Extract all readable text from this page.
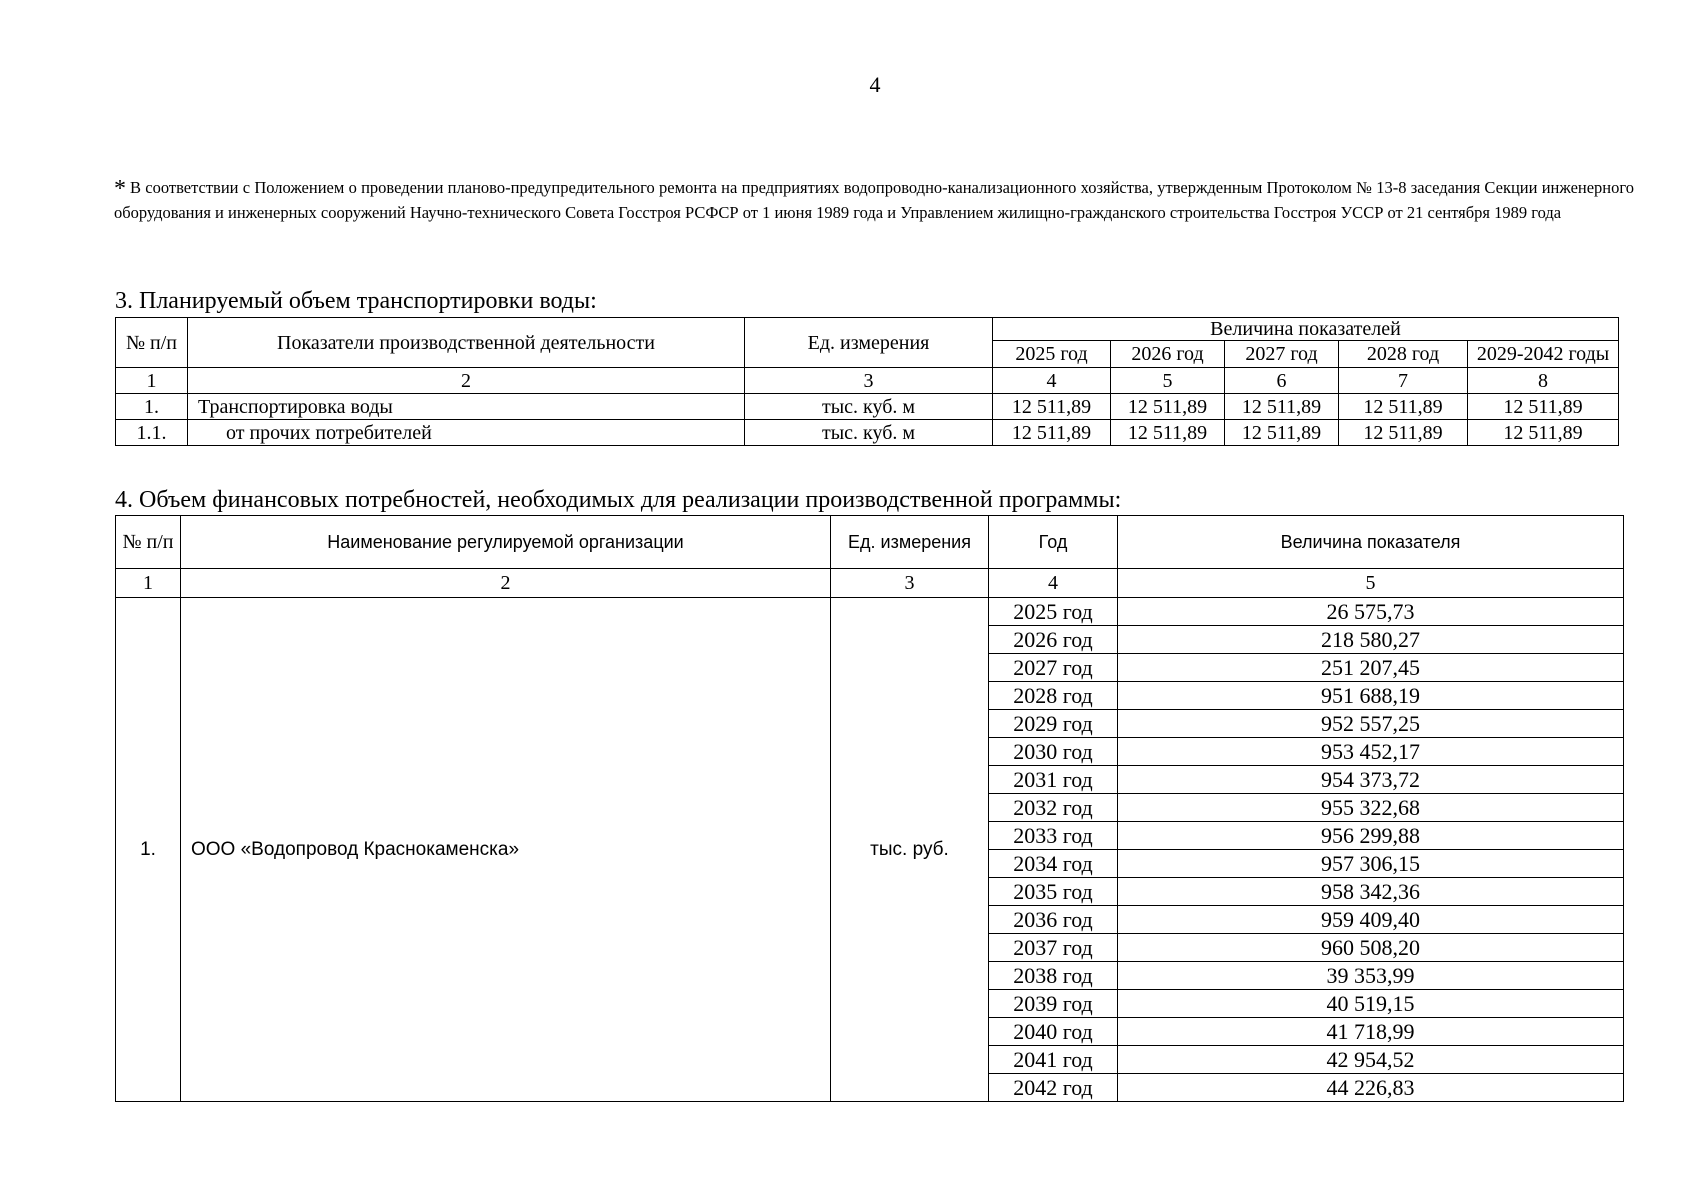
4
* В соответствии с Положением о проведении планово-предупредительного ремонта на предприятиях водопроводно-канализационного хозяйства, утвержденным Протоколом № 13-8 заседания Секции инженерного оборудования и инженерных сооружений Научно-технического Совета Госстроя РСФСР от 1 июня 1989 года и Управлением жилищно-гражданского строительства Госстроя УССР от 21 сентября 1989 года
3. Планируемый объем транспортировки воды:
№ п/п	Показатели производственной деятельности	Ед. измерения	Величина показателей				
			2025 год	2026 год	2027 год	2028 год	2029-2042 годы
1	2	3	4	5	6	7	8
1.	Транспортировка воды	тыс. куб. м	12 511,89	12 511,89	12 511,89	12 511,89	12 511,89
1.1.	от прочих потребителей	тыс. куб. м	12 511,89	12 511,89	12 511,89	12 511,89	12 511,89
4. Объем финансовых потребностей, необходимых для реализации производственной программы:
№ п/п	Наименование регулируемой организации	Ед. измерения	Год	Величина показателя
1	2	3	4	5
1.	ООО «Водопровод Краснокаменска»	тыс. руб.	2025 год	26 575,73
			2026 год	218 580,27
			2027 год	251 207,45
			2028 год	951 688,19
			2029 год	952 557,25
			2030 год	953 452,17
			2031 год	954 373,72
			2032 год	955 322,68
			2033 год	956 299,88
			2034 год	957 306,15
			2035 год	958 342,36
			2036 год	959 409,40
			2037 год	960 508,20
			2038 год	39 353,99
			2039 год	40 519,15
			2040 год	41 718,99
			2041 год	42 954,52
			2042 год	44 226,83
